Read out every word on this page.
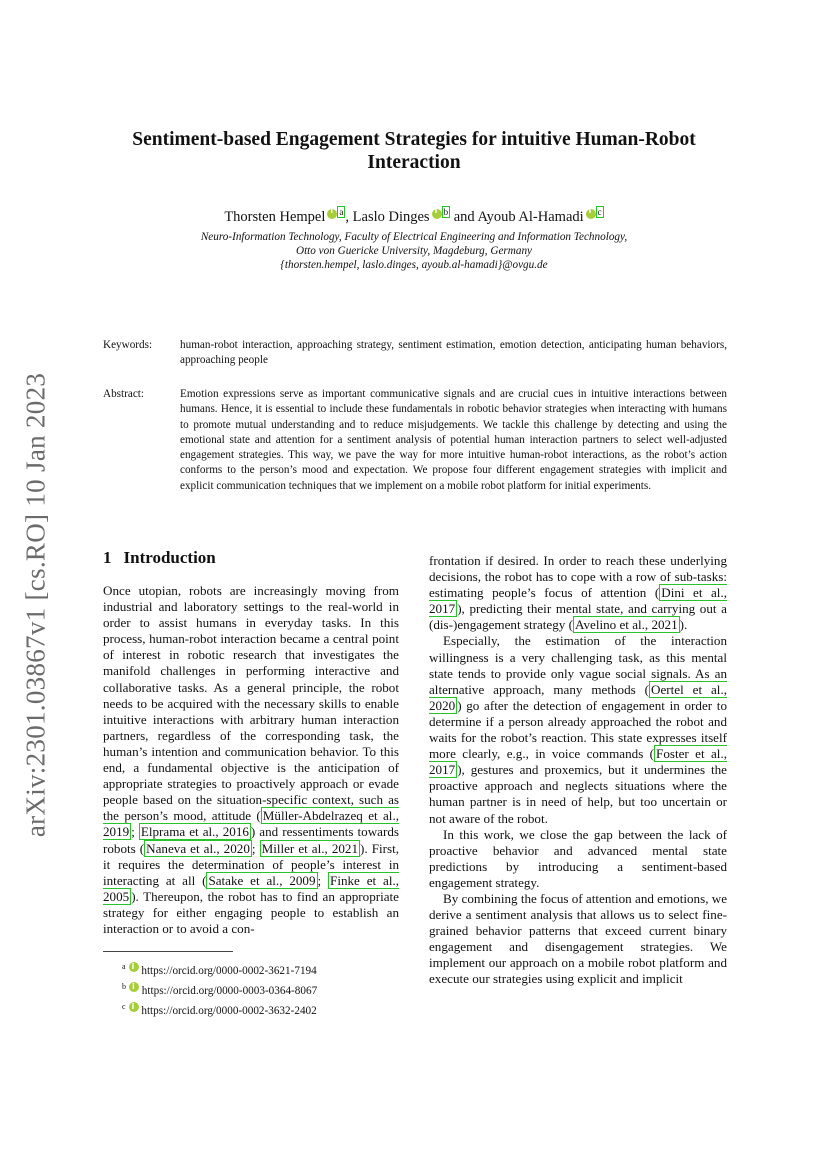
arXiv:2301.03867v1 [cs.RO] 10 Jan 2023
Sentiment-based Engagement Strategies for intuitive Human-Robot Interaction
Thorsten Hempel i $^a$ , Laslo Dinges i $^b$ and Ayoub Al-Hamadi i $^c$
Neuro-Information Technology, Faculty of Electrical Engineering and Information Technology,
Otto von Guericke University, Magdeburg, Germany
{thorsten.hempel, laslo.dinges, ayoub.al-hamadi}@ovgu.de
Keywords:	human-robot interaction, approaching strategy, sentiment estimation, emotion detection, anticipating human behaviors, approaching people
Abstract:	Emotion expressions serve as important communicative signals and are crucial cues in intuitive interactions between humans. Hence, it is essential to include these fundamentals in robotic behavior strategies when interacting with humans to promote mutual understanding and to reduce misjudgements. We tackle this challenge by detecting and using the emotional state and attention for a sentiment analysis of potential human interaction partners to select well-adjusted engagement strategies. This way, we pave the way for more intuitive human-robot interactions, as the robot’s action conforms to the person’s mood and expectation. We propose four different engagement strategies with implicit and explicit communication techniques that we implement on a mobile robot platform for initial experiments.
1 Introduction

Once utopian, robots are increasingly moving from industrial and laboratory settings to the real-world in order to assist humans in everyday tasks. In this process, human-robot interaction became a central point of interest in robotic research that investigates the manifold challenges in performing interactive and collaborative tasks. As a general principle, the robot needs to be acquired with the necessary skills to enable intuitive interactions with arbitrary human interaction partners, regardless of the corresponding task, the human’s intention and communication behavior. To this end, a fundamental objective is the anticipation of appropriate strategies to proactively approach or evade people based on the situation-specific context, such as the person’s mood, attitude ( Müller-Abdelrazeq et al., 2019 ; Elprama et al., 2016 ) and ressentiments towards robots ( Naneva et al., 2020 ; Miller et al., 2021 ). First, it requires the determination of people’s interest in interacting at all ( Satake et al., 2009 ; Finke et al., 2005 ). Thereupon, the robot has to find an appropriate strategy for either engaging people to establish an interaction or to avoid a con-

$^a$ i https://orcid.org/0000-0002-3621-7194
$^b$ i https://orcid.org/0000-0003-0364-8067
$^c$ i https://orcid.org/0000-0002-3632-2402

frontation if desired. In order to reach these underlying decisions, the robot has to cope with a row of sub-tasks: estimating people’s focus of attention ( Dini et al., 2017 ), predicting their mental state, and carrying out a (dis-)engagement strategy ( Avelino et al., 2021 ).

Especially, the estimation of the interaction willingness is a very challenging task, as this mental state tends to provide only vague social signals. As an alternative approach, many methods ( Oertel et al., 2020 ) go after the detection of engagement in order to determine if a person already approached the robot and waits for the robot’s reaction. This state expresses itself more clearly, e.g., in voice commands ( Foster et al., 2017 ), gestures and proxemics, but it undermines the proactive approach and neglects situations where the human partner is in need of help, but too uncertain or not aware of the robot.

In this work, we close the gap between the lack of proactive behavior and advanced mental state predictions by introducing a sentiment-based engagement strategy.

By combining the focus of attention and emotions, we derive a sentiment analysis that allows us to select fine-grained behavior patterns that exceed current binary engagement and disengagement strategies. We implement our approach on a mobile robot platform and execute our strategies using explicit and implicit
